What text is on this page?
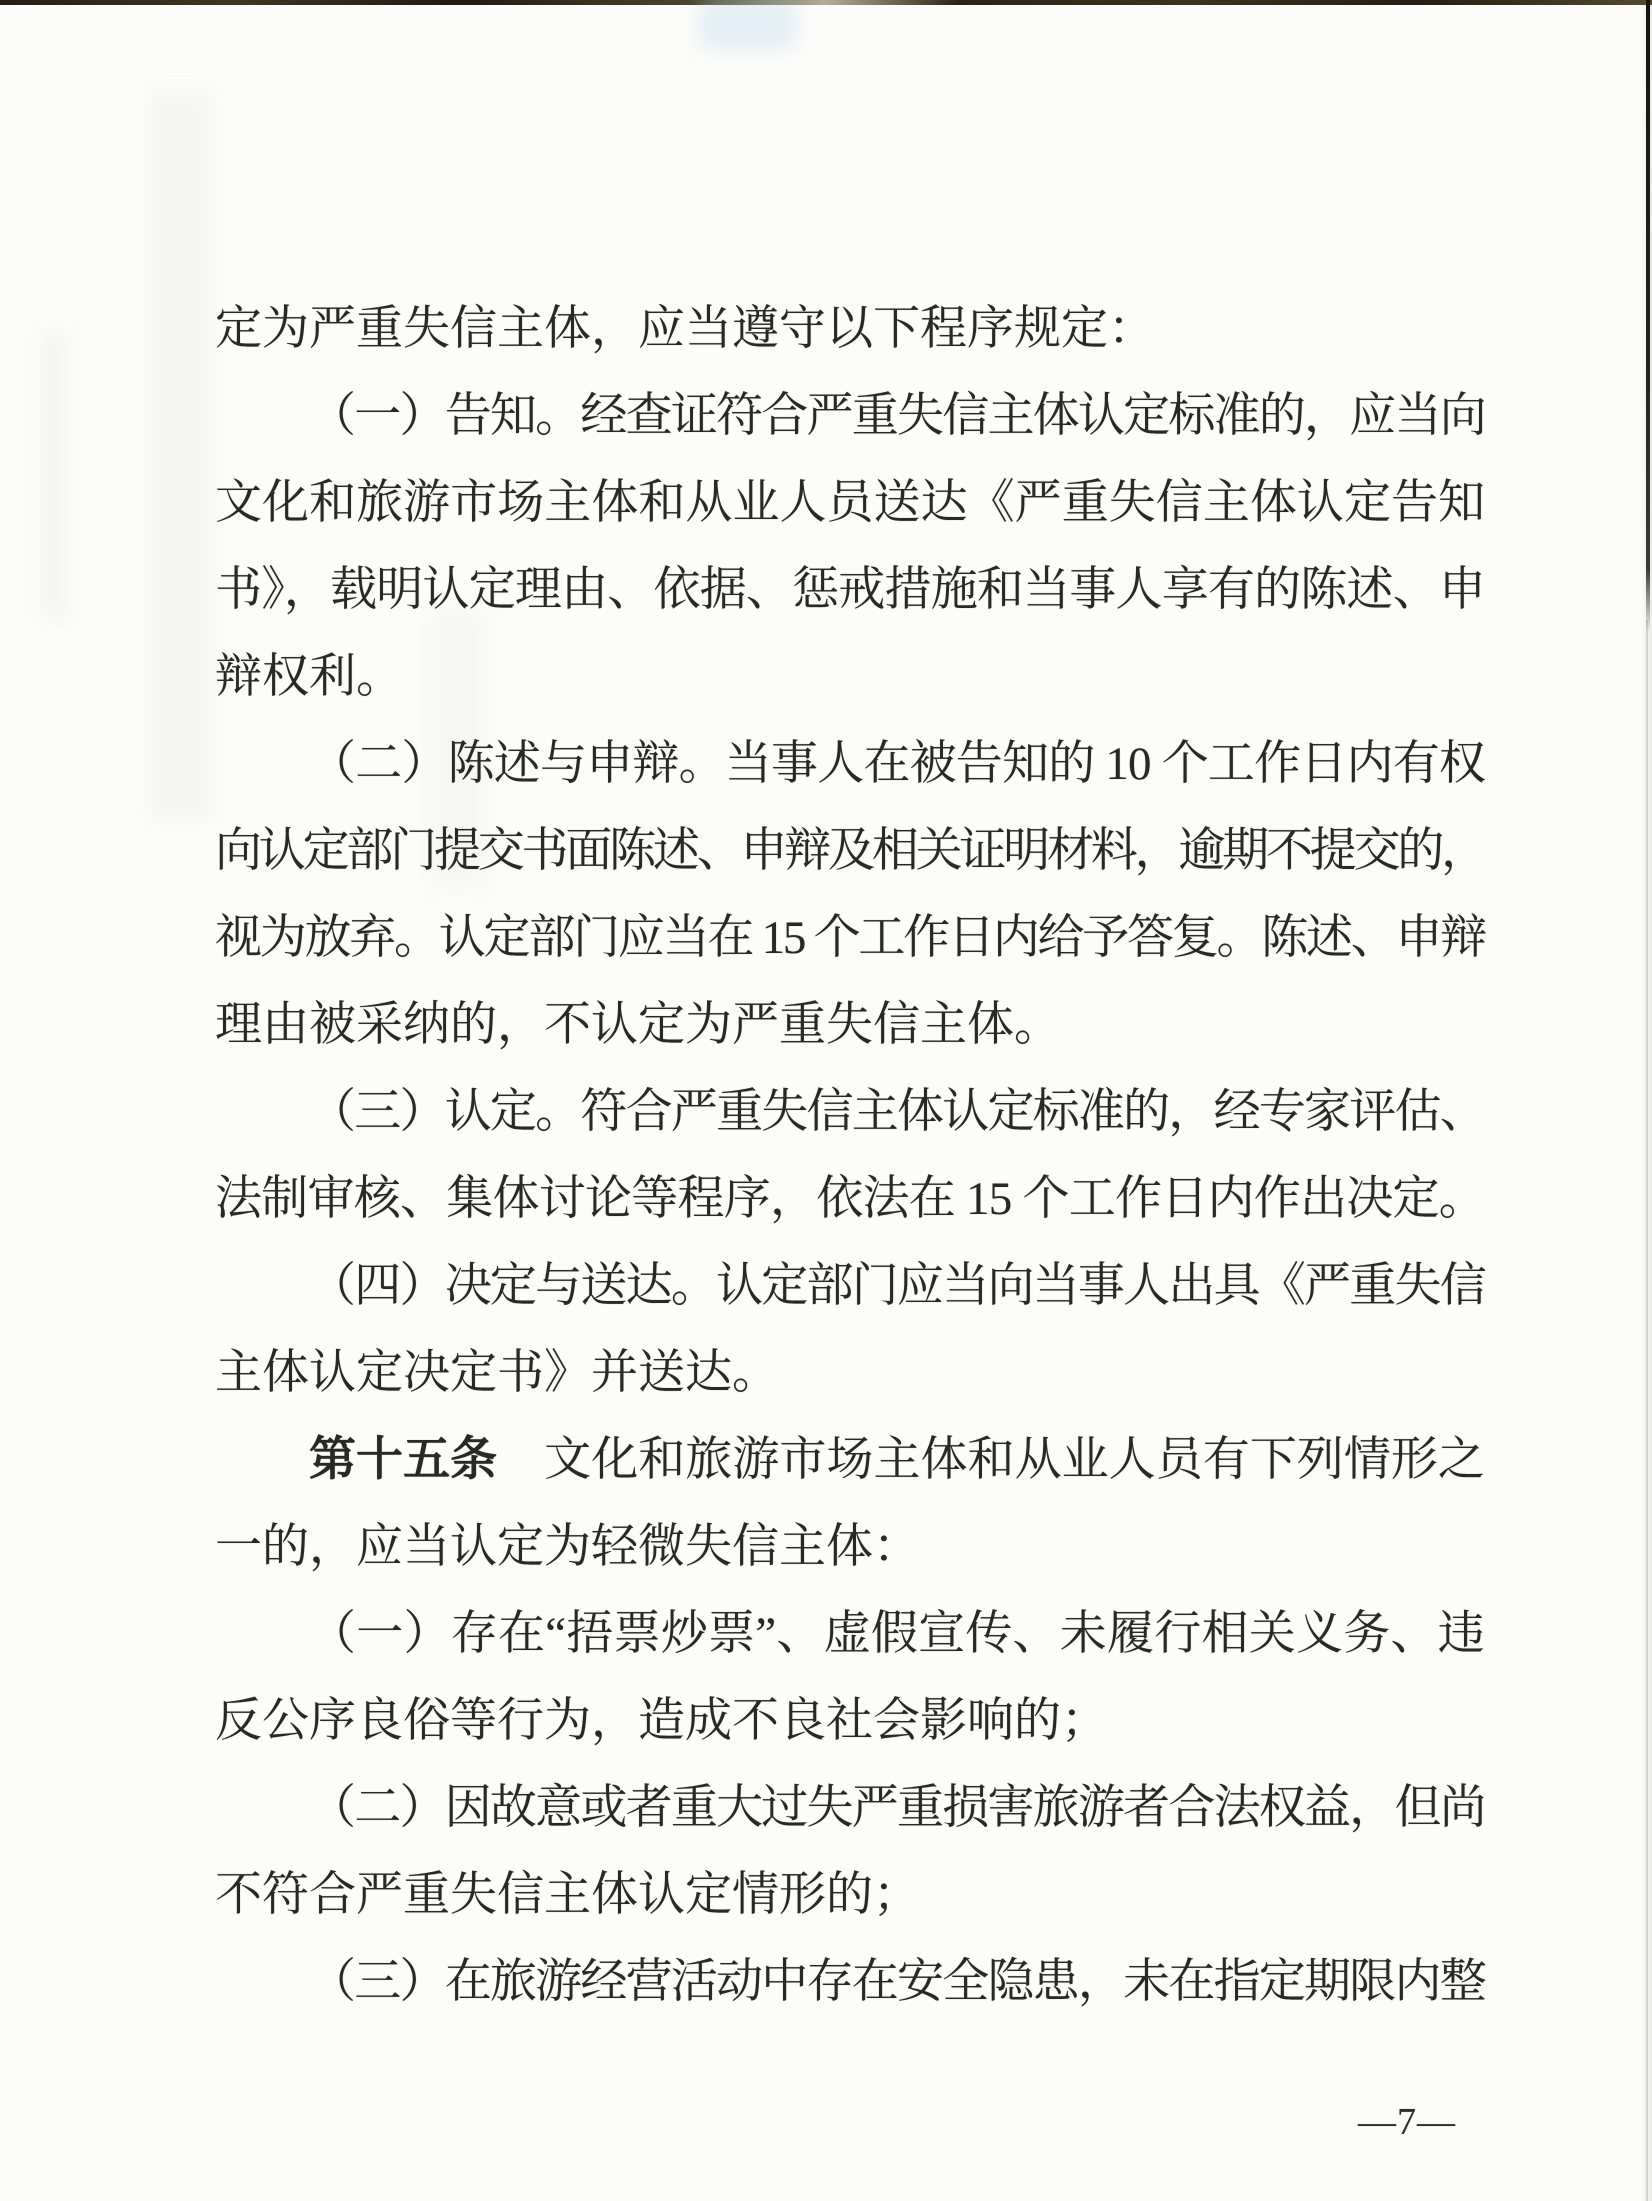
定为严重失信主体，应当遵守以下程序规定：
（一）告知。经查证符合严重失信主体认定标准的，应当向
文化和旅游市场主体和从业人员送达《严重失信主体认定告知
书》，载明认定理由、依据、惩戒措施和当事人享有的陈述、申
辩权利。
（二）陈述与申辩。当事人在被告知的 10 个工作日内有权
向认定部门提交书面陈述、申辩及相关证明材料，逾期不提交的，
视为放弃。认定部门应当在 15 个工作日内给予答复。陈述、申辩
理由被采纳的，不认定为严重失信主体。
（三）认定。符合严重失信主体认定标准的，经专家评估、
法制审核、集体讨论等程序，依法在 15 个工作日内作出决定。
（四）决定与送达。认定部门应当向当事人出具《严重失信
主体认定决定书》并送达。
第十五条 文化和旅游市场主体和从业人员有下列情形之
一的，应当认定为轻微失信主体：
（一）存在“捂票炒票”、虚假宣传、未履行相关义务、违
反公序良俗等行为，造成不良社会影响的；
（二）因故意或者重大过失严重损害旅游者合法权益，但尚
不符合严重失信主体认定情形的；
（三）在旅游经营活动中存在安全隐患，未在指定期限内整
—7—
